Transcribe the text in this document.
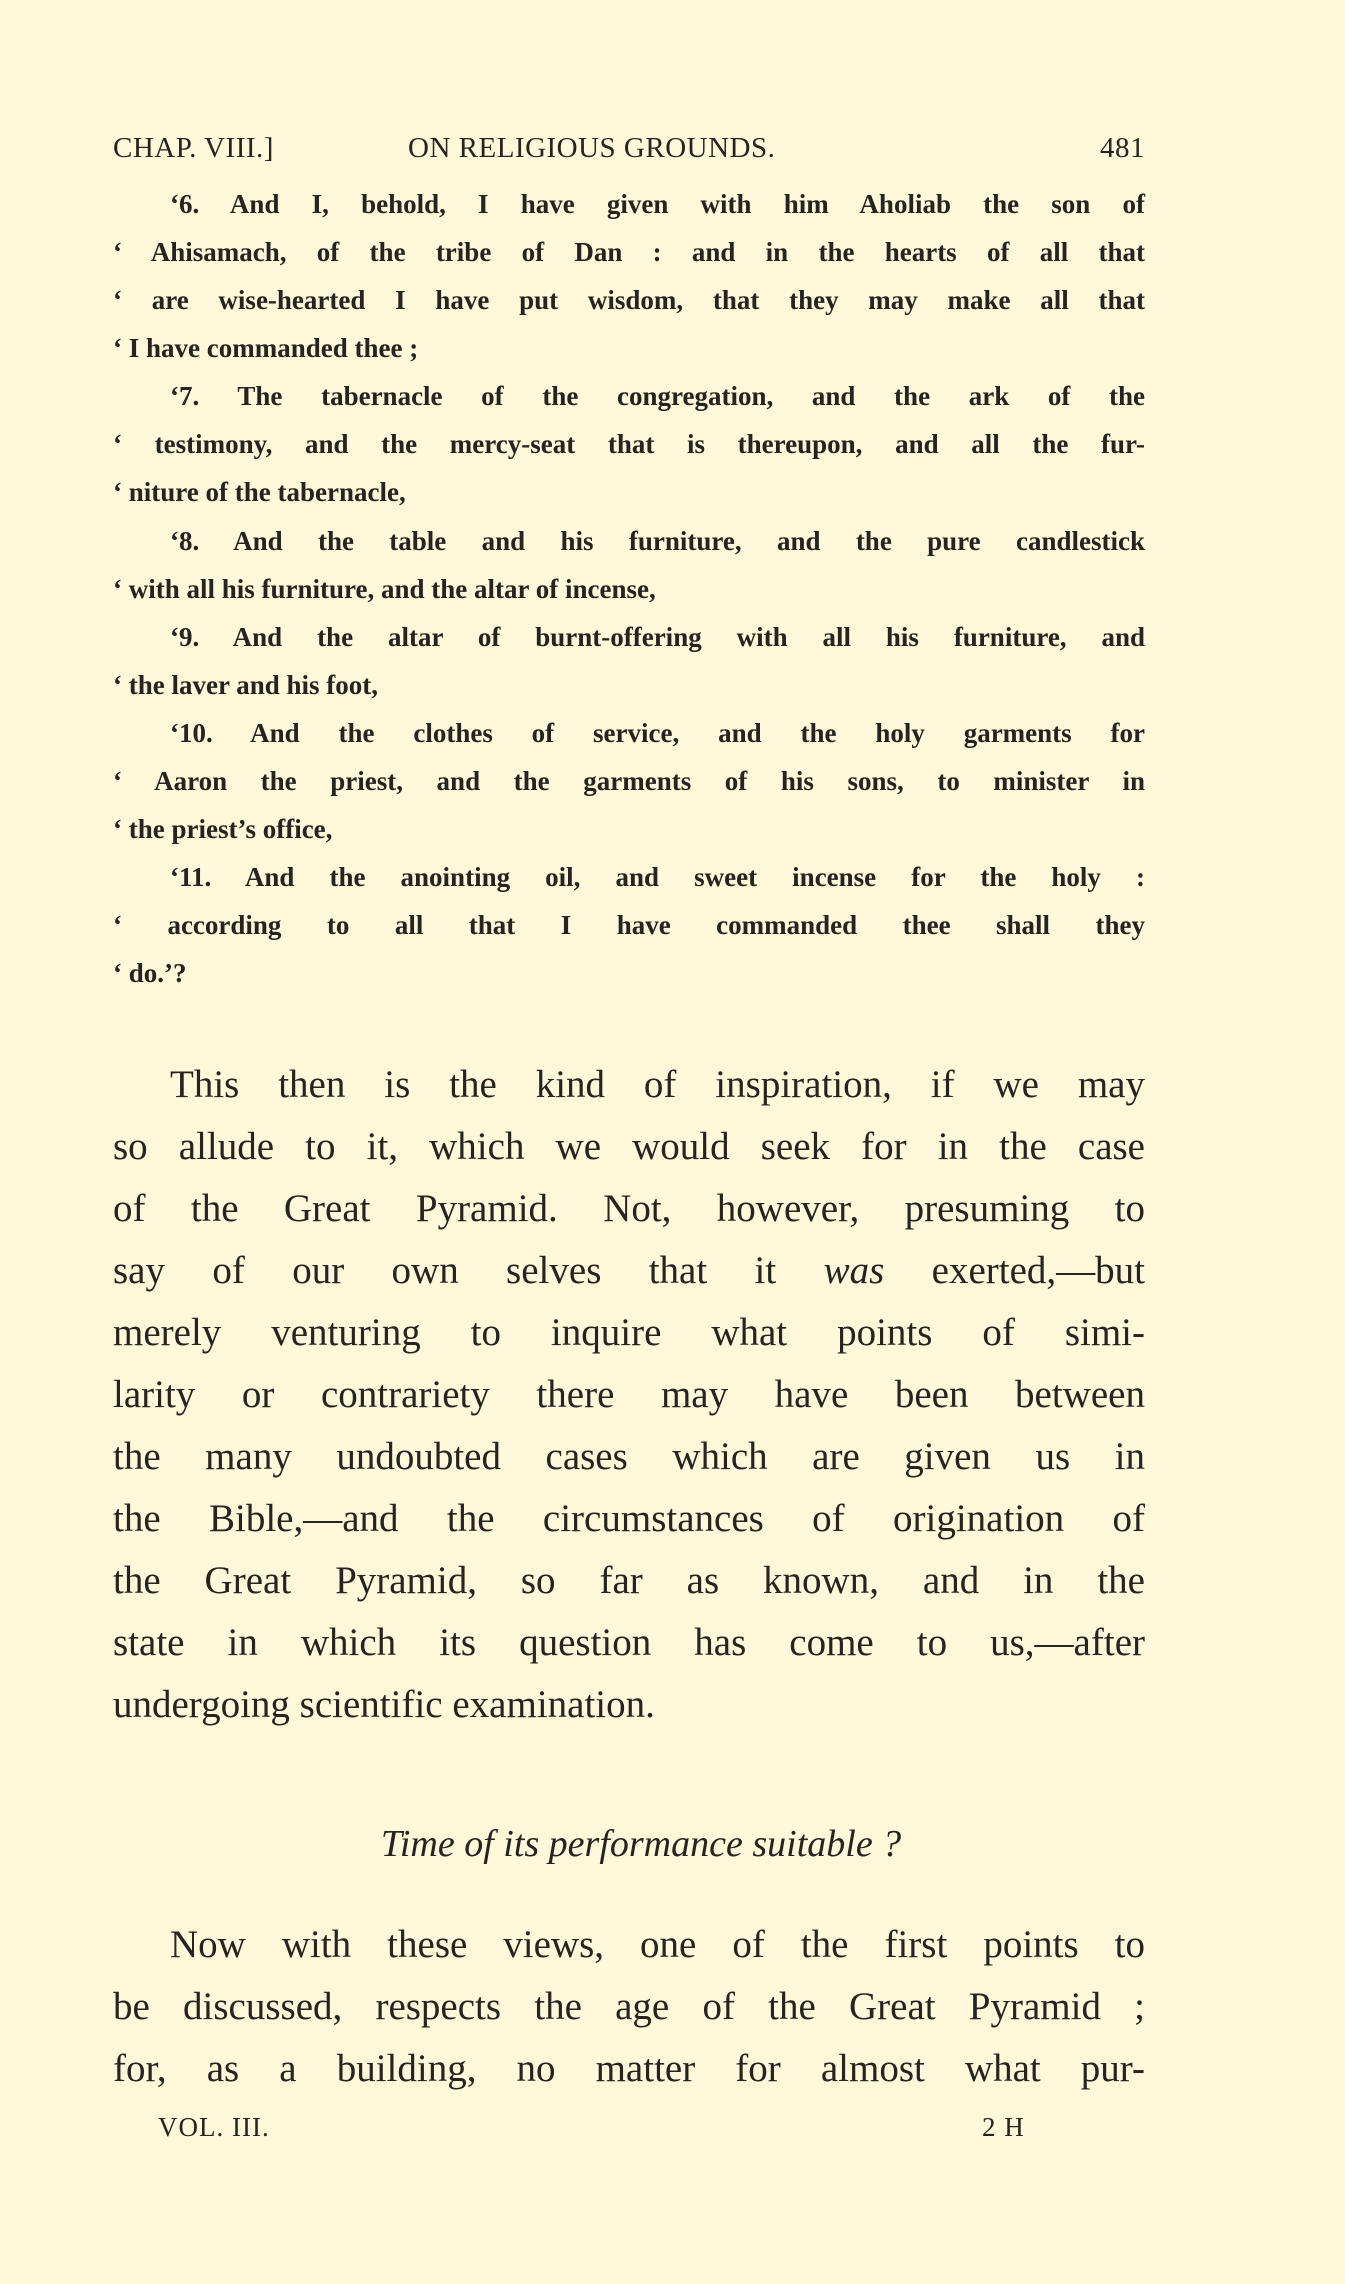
CHAP. VIII.]	ON RELIGIOUS GROUNDS.	481
‘6. And I, behold, I have given with him Aholiab the son of
‘ Ahisamach, of the tribe of Dan : and in the hearts of all that
‘ are wise-hearted I have put wisdom, that they may make all that
‘ I have commanded thee ;
‘7. The tabernacle of the congregation, and the ark of the
‘ testimony, and the mercy-seat that is thereupon, and all the fur-
‘ niture of the tabernacle,
‘8. And the table and his furniture, and the pure candlestick
‘ with all his furniture, and the altar of incense,
‘9. And the altar of burnt-offering with all his furniture, and
‘ the laver and his foot,
‘10. And the clothes of service, and the holy garments for
‘ Aaron the priest, and the garments of his sons, to minister in
‘ the priest’s office,
‘11. And the anointing oil, and sweet incense for the holy :
‘ according to all that I have commanded thee shall they
‘ do.’?
This then is the kind of inspiration, if we may
so allude to it, which we would seek for in the case
of the Great Pyramid. Not, however, presuming to
say of our own selves that it was exerted,—but
merely venturing to inquire what points of simi-
larity or contrariety there may have been between
the many undoubted cases which are given us in
the Bible,—and the circumstances of origination of
the Great Pyramid, so far as known, and in the
state in which its question has come to us,—after
undergoing scientific examination.
Time of its performance suitable ?
Now with these views, one of the first points to
be discussed, respects the age of the Great Pyramid ;
for, as a building, no matter for almost what pur-
VOL. III.	2 H
